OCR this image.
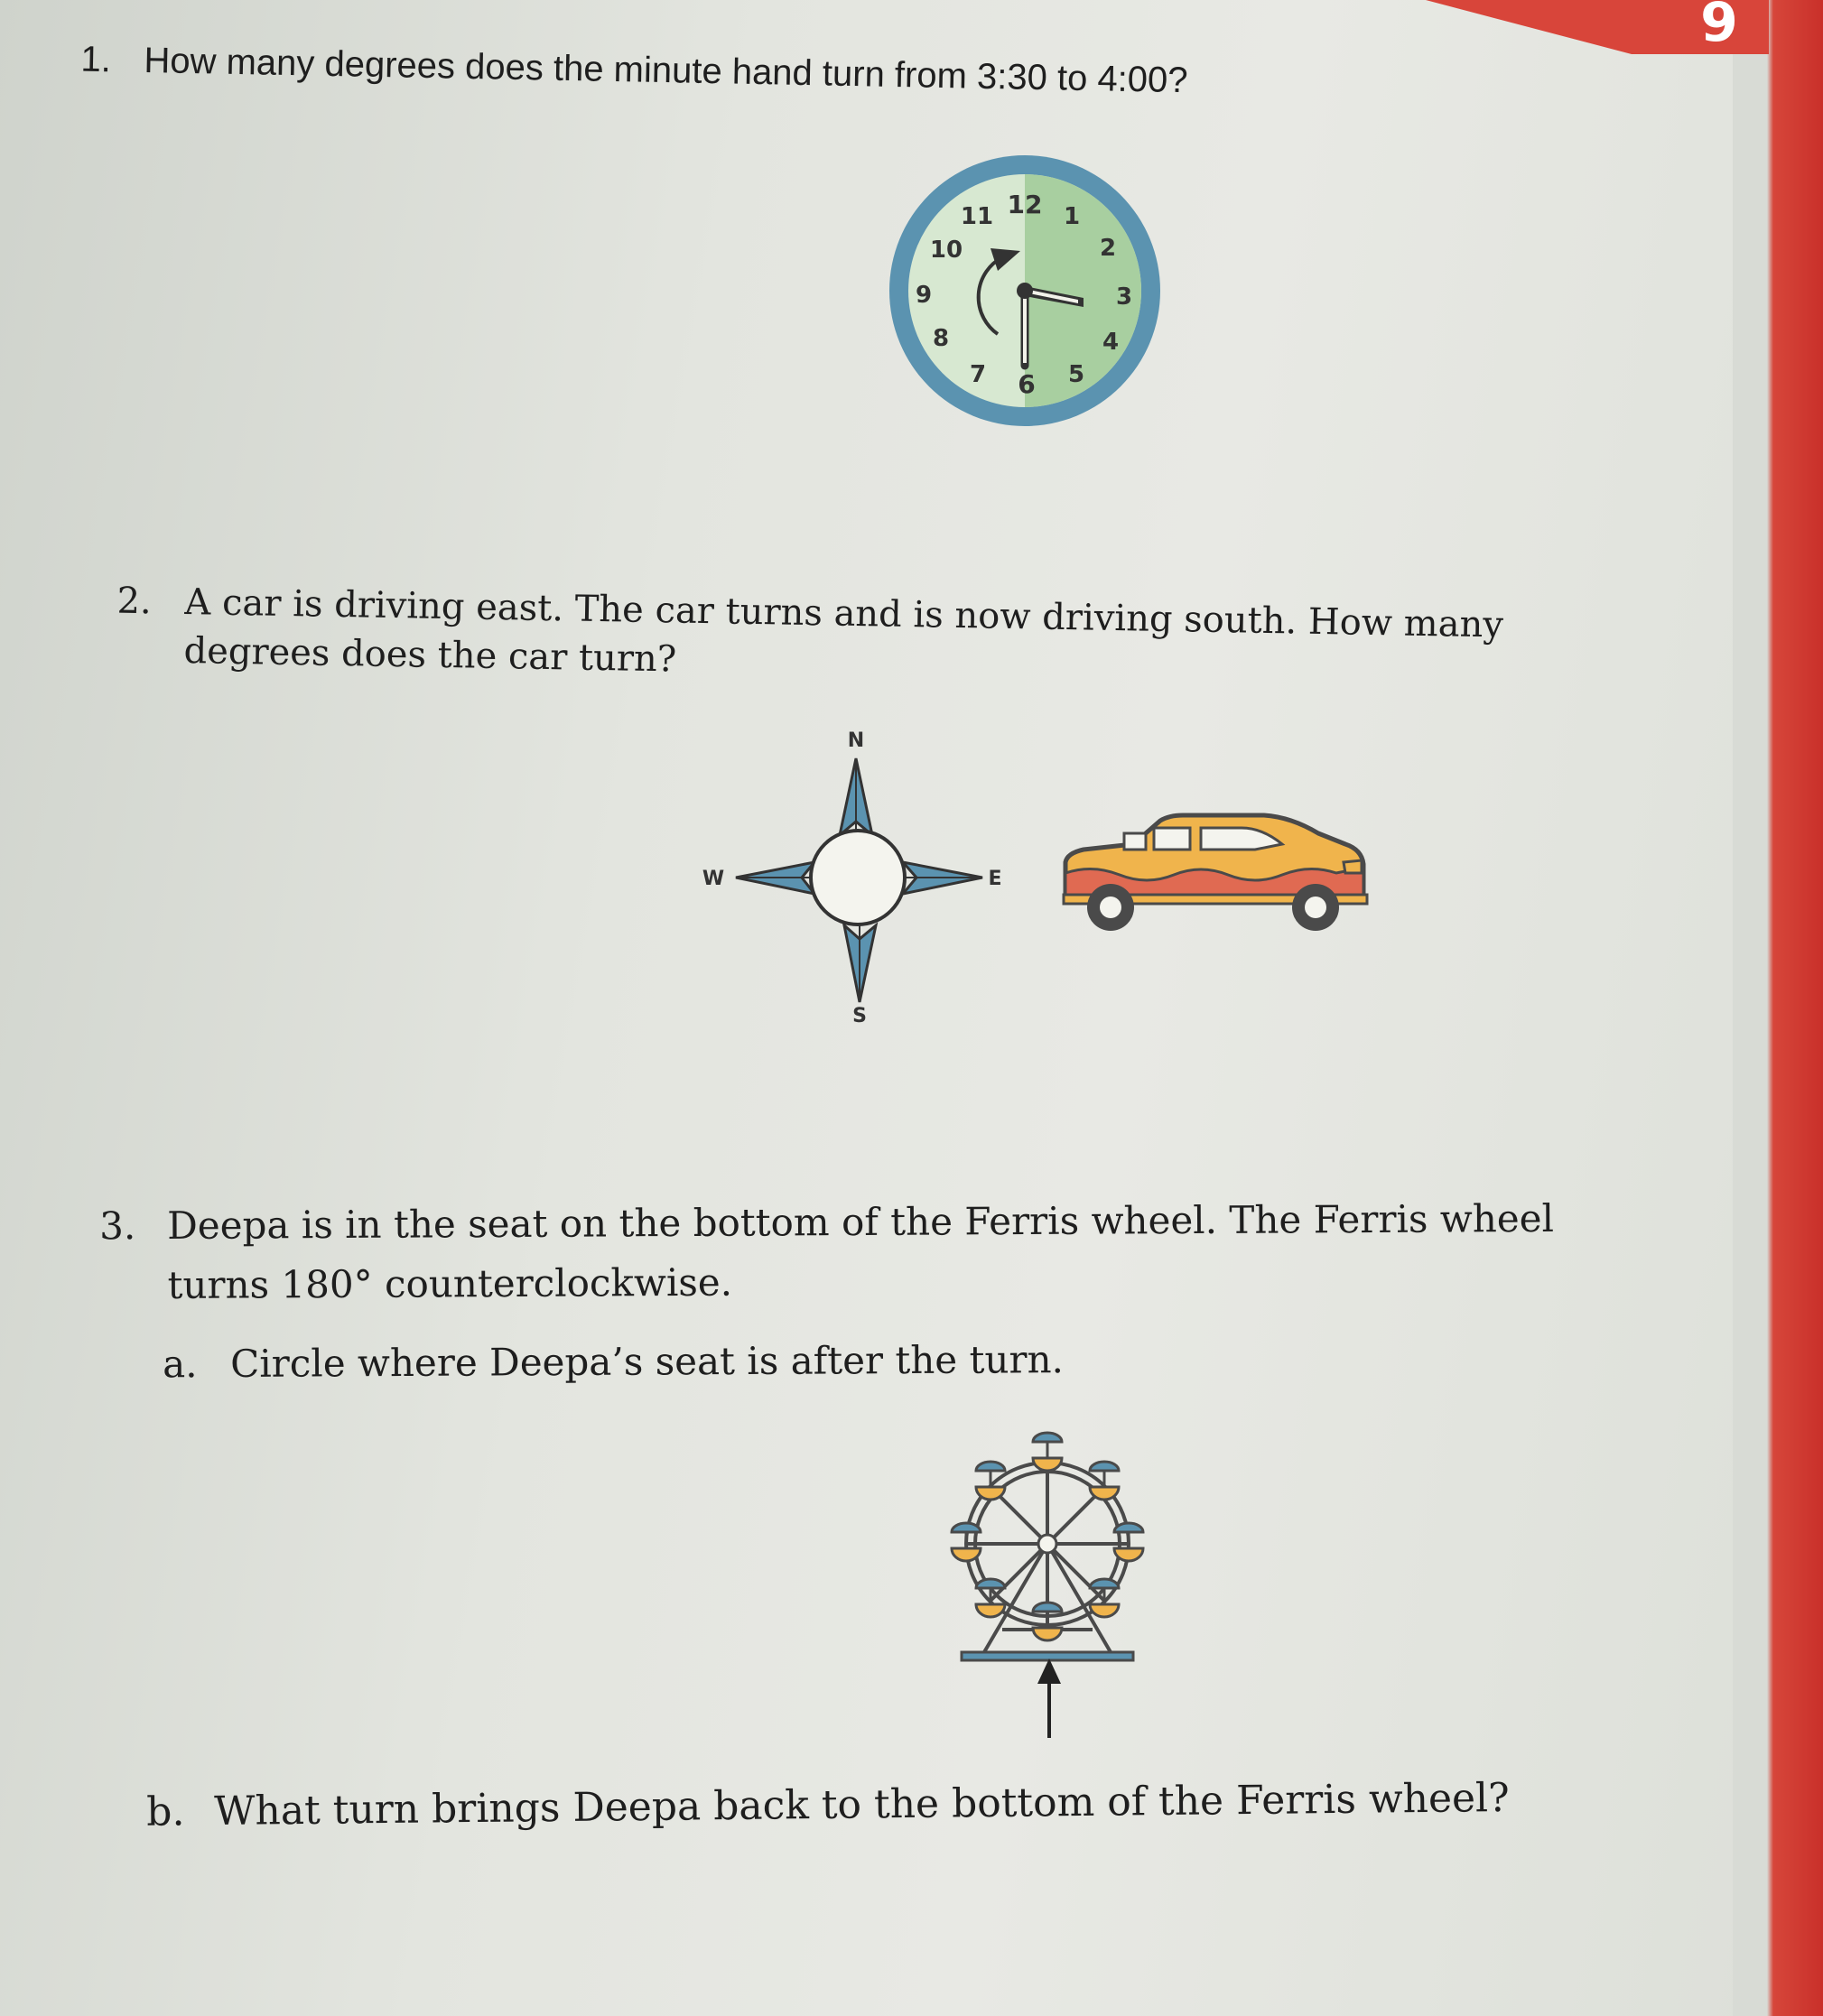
9
1. How many degrees does the minute hand turn from 3:30 to 4:00?
12 1
2
3
4
5
6
7
8
9
10
11
2. A car is driving east. The car turns and is now driving south. How many degrees does the car turn?
N
E
S
W
3. Deepa is in the seat on the bottom of the Ferris wheel. The Ferris wheel turns 180° counterclockwise.
a. Circle where Deepa’s seat is after the turn.
b. What turn brings Deepa back to the bottom of the Ferris wheel?
